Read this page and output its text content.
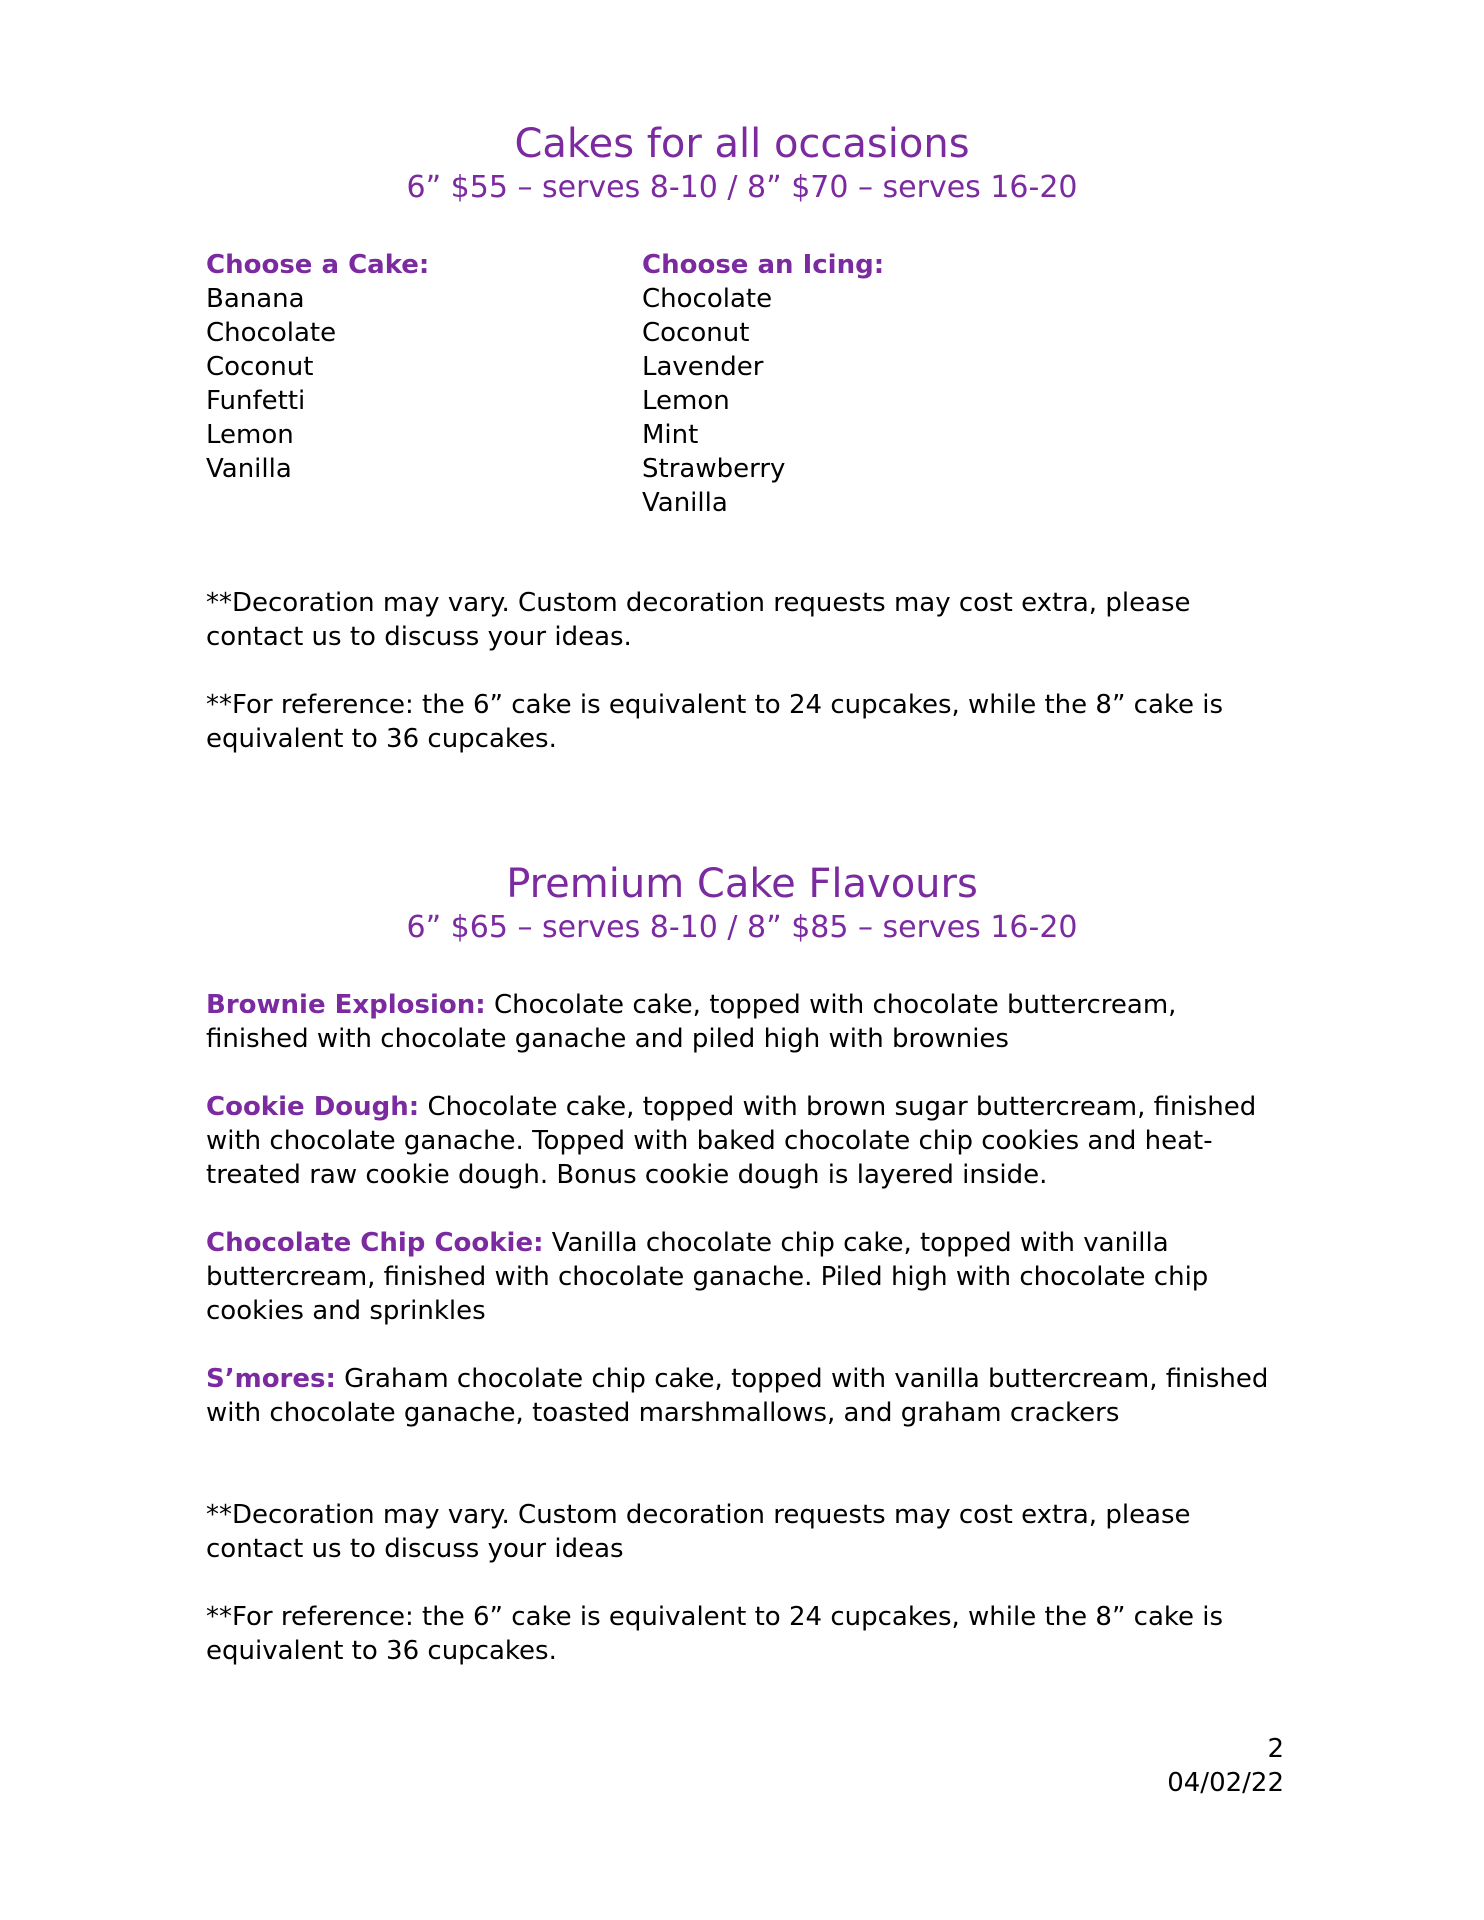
Cakes for all occasions
6” $55 – serves 8-10 / 8” $70 – serves 16-20
Choose a Cake:
Banana
Chocolate
Coconut
Funfetti
Lemon
Vanilla
Choose an Icing:
Chocolate
Coconut
Lavender
Lemon
Mint
Strawberry
Vanilla

**Decoration may vary. Custom decoration requests may cost extra, please contact us to discuss your ideas.

**For reference: the 6” cake is equivalent to 24 cupcakes, while the 8” cake is equivalent to 36 cupcakes.

Premium Cake Flavours
6” $65 – serves 8-10 / 8” $85 – serves 16-20

Brownie Explosion: Chocolate cake, topped with chocolate buttercream, finished with chocolate ganache and piled high with brownies

Cookie Dough: Chocolate cake, topped with brown sugar buttercream, finished with chocolate ganache. Topped with baked chocolate chip cookies and heat-treated raw cookie dough. Bonus cookie dough is layered inside.

Chocolate Chip Cookie: Vanilla chocolate chip cake, topped with vanilla buttercream, finished with chocolate ganache. Piled high with chocolate chip cookies and sprinkles

S’mores: Graham chocolate chip cake, topped with vanilla buttercream, finished with chocolate ganache, toasted marshmallows, and graham crackers

**Decoration may vary. Custom decoration requests may cost extra, please contact us to discuss your ideas

**For reference: the 6” cake is equivalent to 24 cupcakes, while the 8” cake is equivalent to 36 cupcakes.

2
04/02/22
